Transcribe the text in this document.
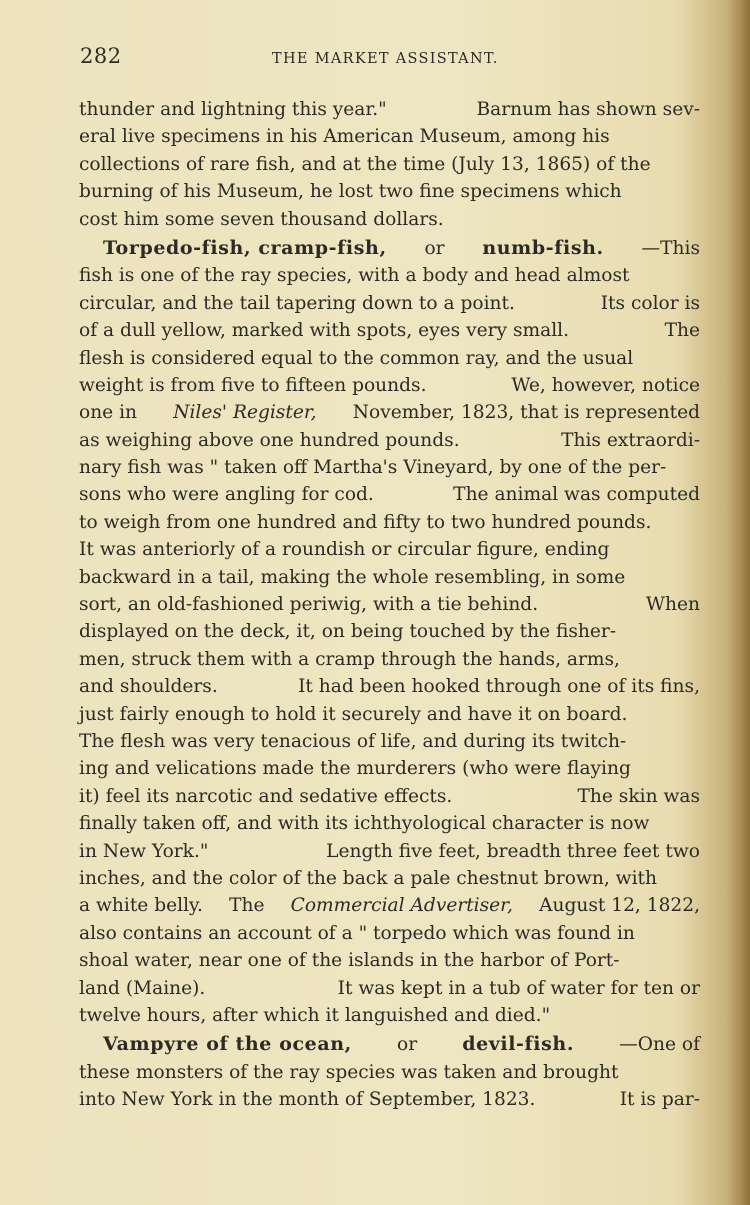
282	THE MARKET ASSISTANT.
thunder and lightning this year."	Barnum has shown sev-
eral live specimens in his American Museum, among his
collections of rare fish, and at the time (July 13, 1865) of the
burning of his Museum, he lost two fine specimens which
cost him some seven thousand dollars.
Torpedo-fish, cramp-fish, or numb-fish. —This
fish is one of the ray species, with a body and head almost
circular, and the tail tapering down to a point.	Its color is
of a dull yellow, marked with spots, eyes very small.	The
flesh is considered equal to the common ray, and the usual
weight is from five to fifteen pounds.	We, however, notice
one in Niles' Register, November, 1823, that is represented
as weighing above one hundred pounds.	This extraordi-
nary fish was " taken off Martha's Vineyard, by one of the per-
sons who were angling for cod.	The animal was computed
to weigh from one hundred and fifty to two hundred pounds.
It was anteriorly of a roundish or circular figure, ending
backward in a tail, making the whole resembling, in some
sort, an old-fashioned periwig, with a tie behind.	When
displayed on the deck, it, on being touched by the fisher-
men, struck them with a cramp through the hands, arms,
and shoulders.	It had been hooked through one of its fins,
just fairly enough to hold it securely and have it on board.
The flesh was very tenacious of life, and during its twitch-
ing and velications made the murderers (who were flaying
it) feel its narcotic and sedative effects.	The skin was
finally taken off, and with its ichthyological character is now
in New York."	Length five feet, breadth three feet two
inches, and the color of the back a pale chestnut brown, with
a white belly. The Commercial Advertiser, August 12, 1822,
also contains an account of a " torpedo which was found in
shoal water, near one of the islands in the harbor of Port-
land (Maine).	It was kept in a tub of water for ten or
twelve hours, after which it languished and died."
Vampyre of the ocean, or devil-fish. —One of
these monsters of the ray species was taken and brought
into New York in the month of September, 1823.	It is par-
